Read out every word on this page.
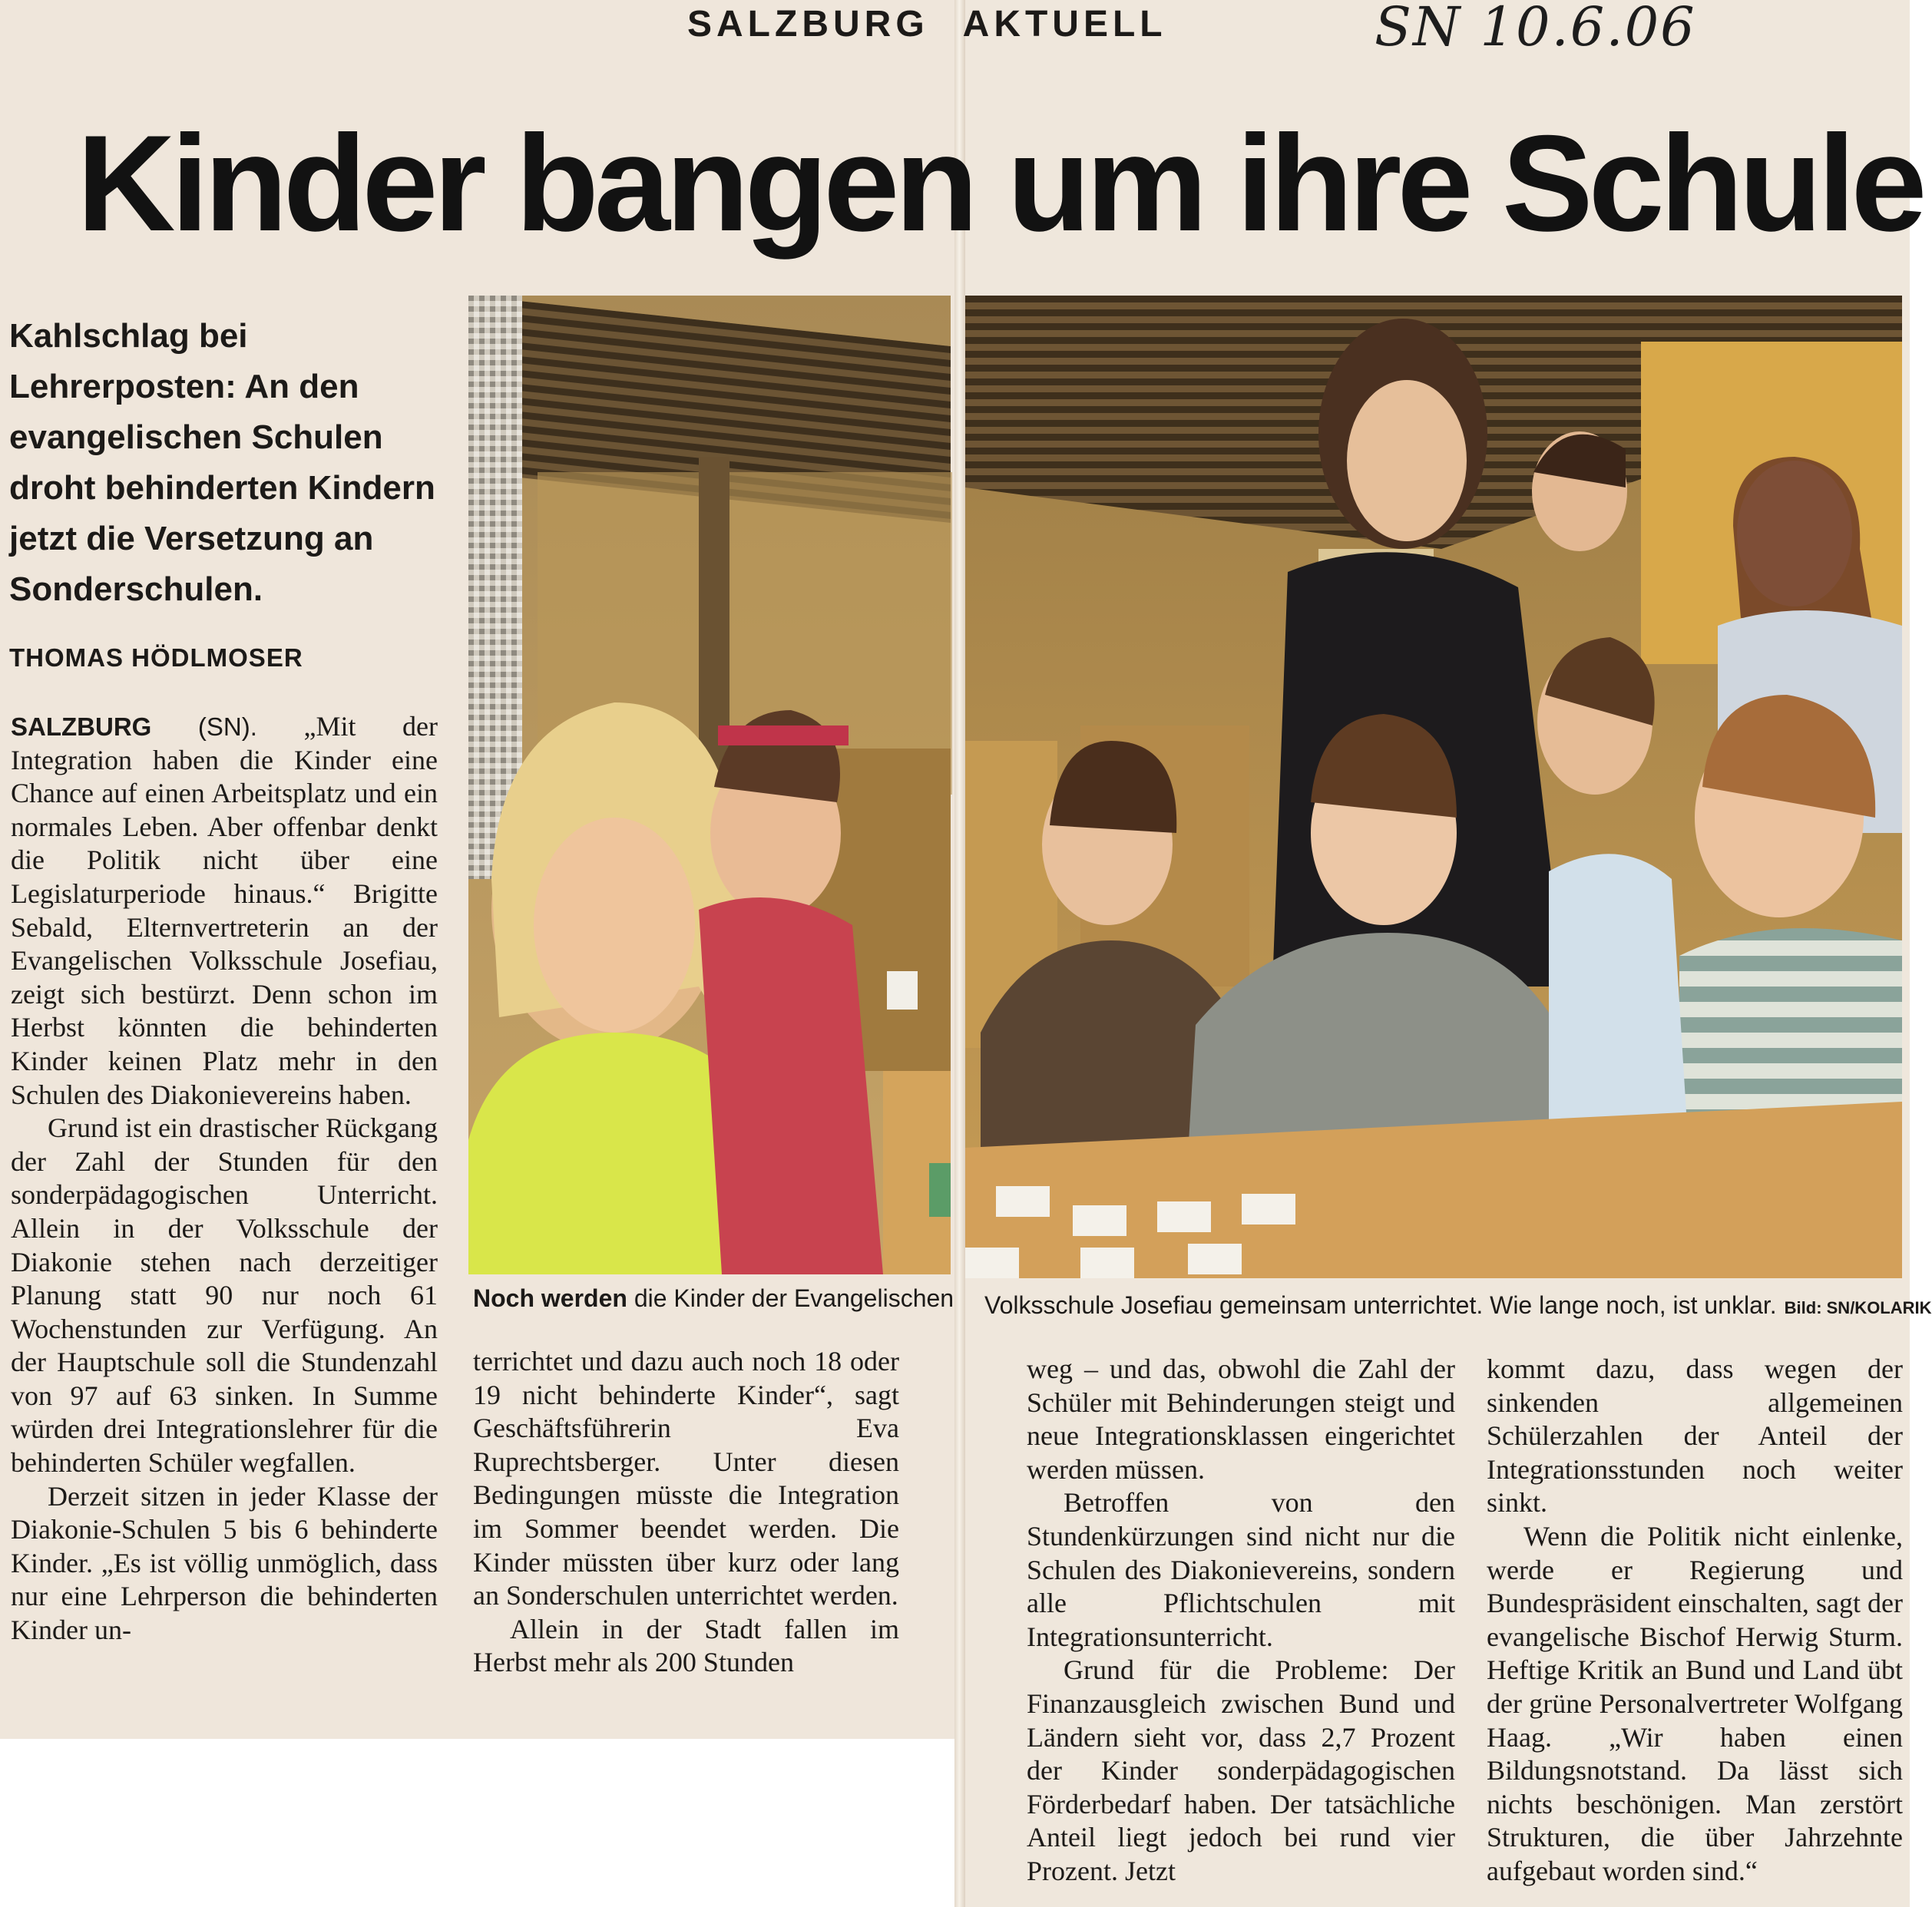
SALZBURG AKTUELL	SN 10.6.06
Kinder bangen um ihre Schule
Kahlschlag bei Lehrerposten: An den evangelischen Schulen droht behinderten Kindern jetzt die Versetzung an Sonderschulen.
THOMAS HÖDLMOSER
Noch werden die Kinder der Evangelischen Volksschule Josefiau gemeinsam unterrichtet. Wie lange noch, ist unklar. Bild: SN/KOLARIK

SALZBURG (SN). „Mit der Integration haben die Kinder eine Chance auf einen Arbeitsplatz und ein normales Leben. Aber offenbar denkt die Politik nicht über eine Legislaturperiode hinaus.“ Brigitte Sebald, Elternvertreterin an der Evangelischen Volksschule Josefiau, zeigt sich bestürzt. Denn schon im Herbst könnten die behinderten Kinder keinen Platz mehr in den Schulen des Diakonievereins haben.

Grund ist ein drastischer Rückgang der Zahl der Stunden für den sonderpädagogischen Unterricht. Allein in der Volksschule der Diakonie stehen nach derzeitiger Planung statt 90 nur noch 61 Wochenstunden zur Verfügung. An der Hauptschule soll die Stundenzahl von 97 auf 63 sinken. In Summe würden drei Integrationslehrer für die behinderten Schüler wegfallen.

Derzeit sitzen in jeder Klasse der Diakonie-Schulen 5 bis 6 behinderte Kinder. „Es ist völlig unmöglich, dass nur eine Lehrperson die behinderten Kinder un-

terrichtet und dazu auch noch 18 oder 19 nicht behinderte Kinder“, sagt Geschäftsführerin Eva Ruprechtsberger. Unter diesen Bedingungen müsste die Integration im Sommer beendet werden. Die Kinder müssten über kurz oder lang an Sonderschulen unterrichtet werden.

Allein in der Stadt fallen im Herbst mehr als 200 Stunden

weg – und das, obwohl die Zahl der Schüler mit Behinderungen steigt und neue Integrationsklassen eingerichtet werden müssen.

Betroffen von den Stundenkürzungen sind nicht nur die Schulen des Diakonievereins, sondern alle Pflichtschulen mit Integrationsunterricht.

Grund für die Probleme: Der Finanzausgleich zwischen Bund und Ländern sieht vor, dass 2,7 Prozent der Kinder sonderpädagogischen Förderbedarf haben. Der tatsächliche Anteil liegt jedoch bei rund vier Prozent. Jetzt

kommt dazu, dass wegen der sinkenden allgemeinen Schülerzahlen der Anteil der Integrationsstunden noch weiter sinkt.

Wenn die Politik nicht einlenke, werde er Regierung und Bundespräsident einschalten, sagt der evangelische Bischof Herwig Sturm. Heftige Kritik an Bund und Land übt der grüne Personalvertreter Wolfgang Haag. „Wir haben einen Bildungsnotstand. Da lässt sich nichts beschönigen. Man zerstört Strukturen, die über Jahrzehnte aufgebaut worden sind.“
